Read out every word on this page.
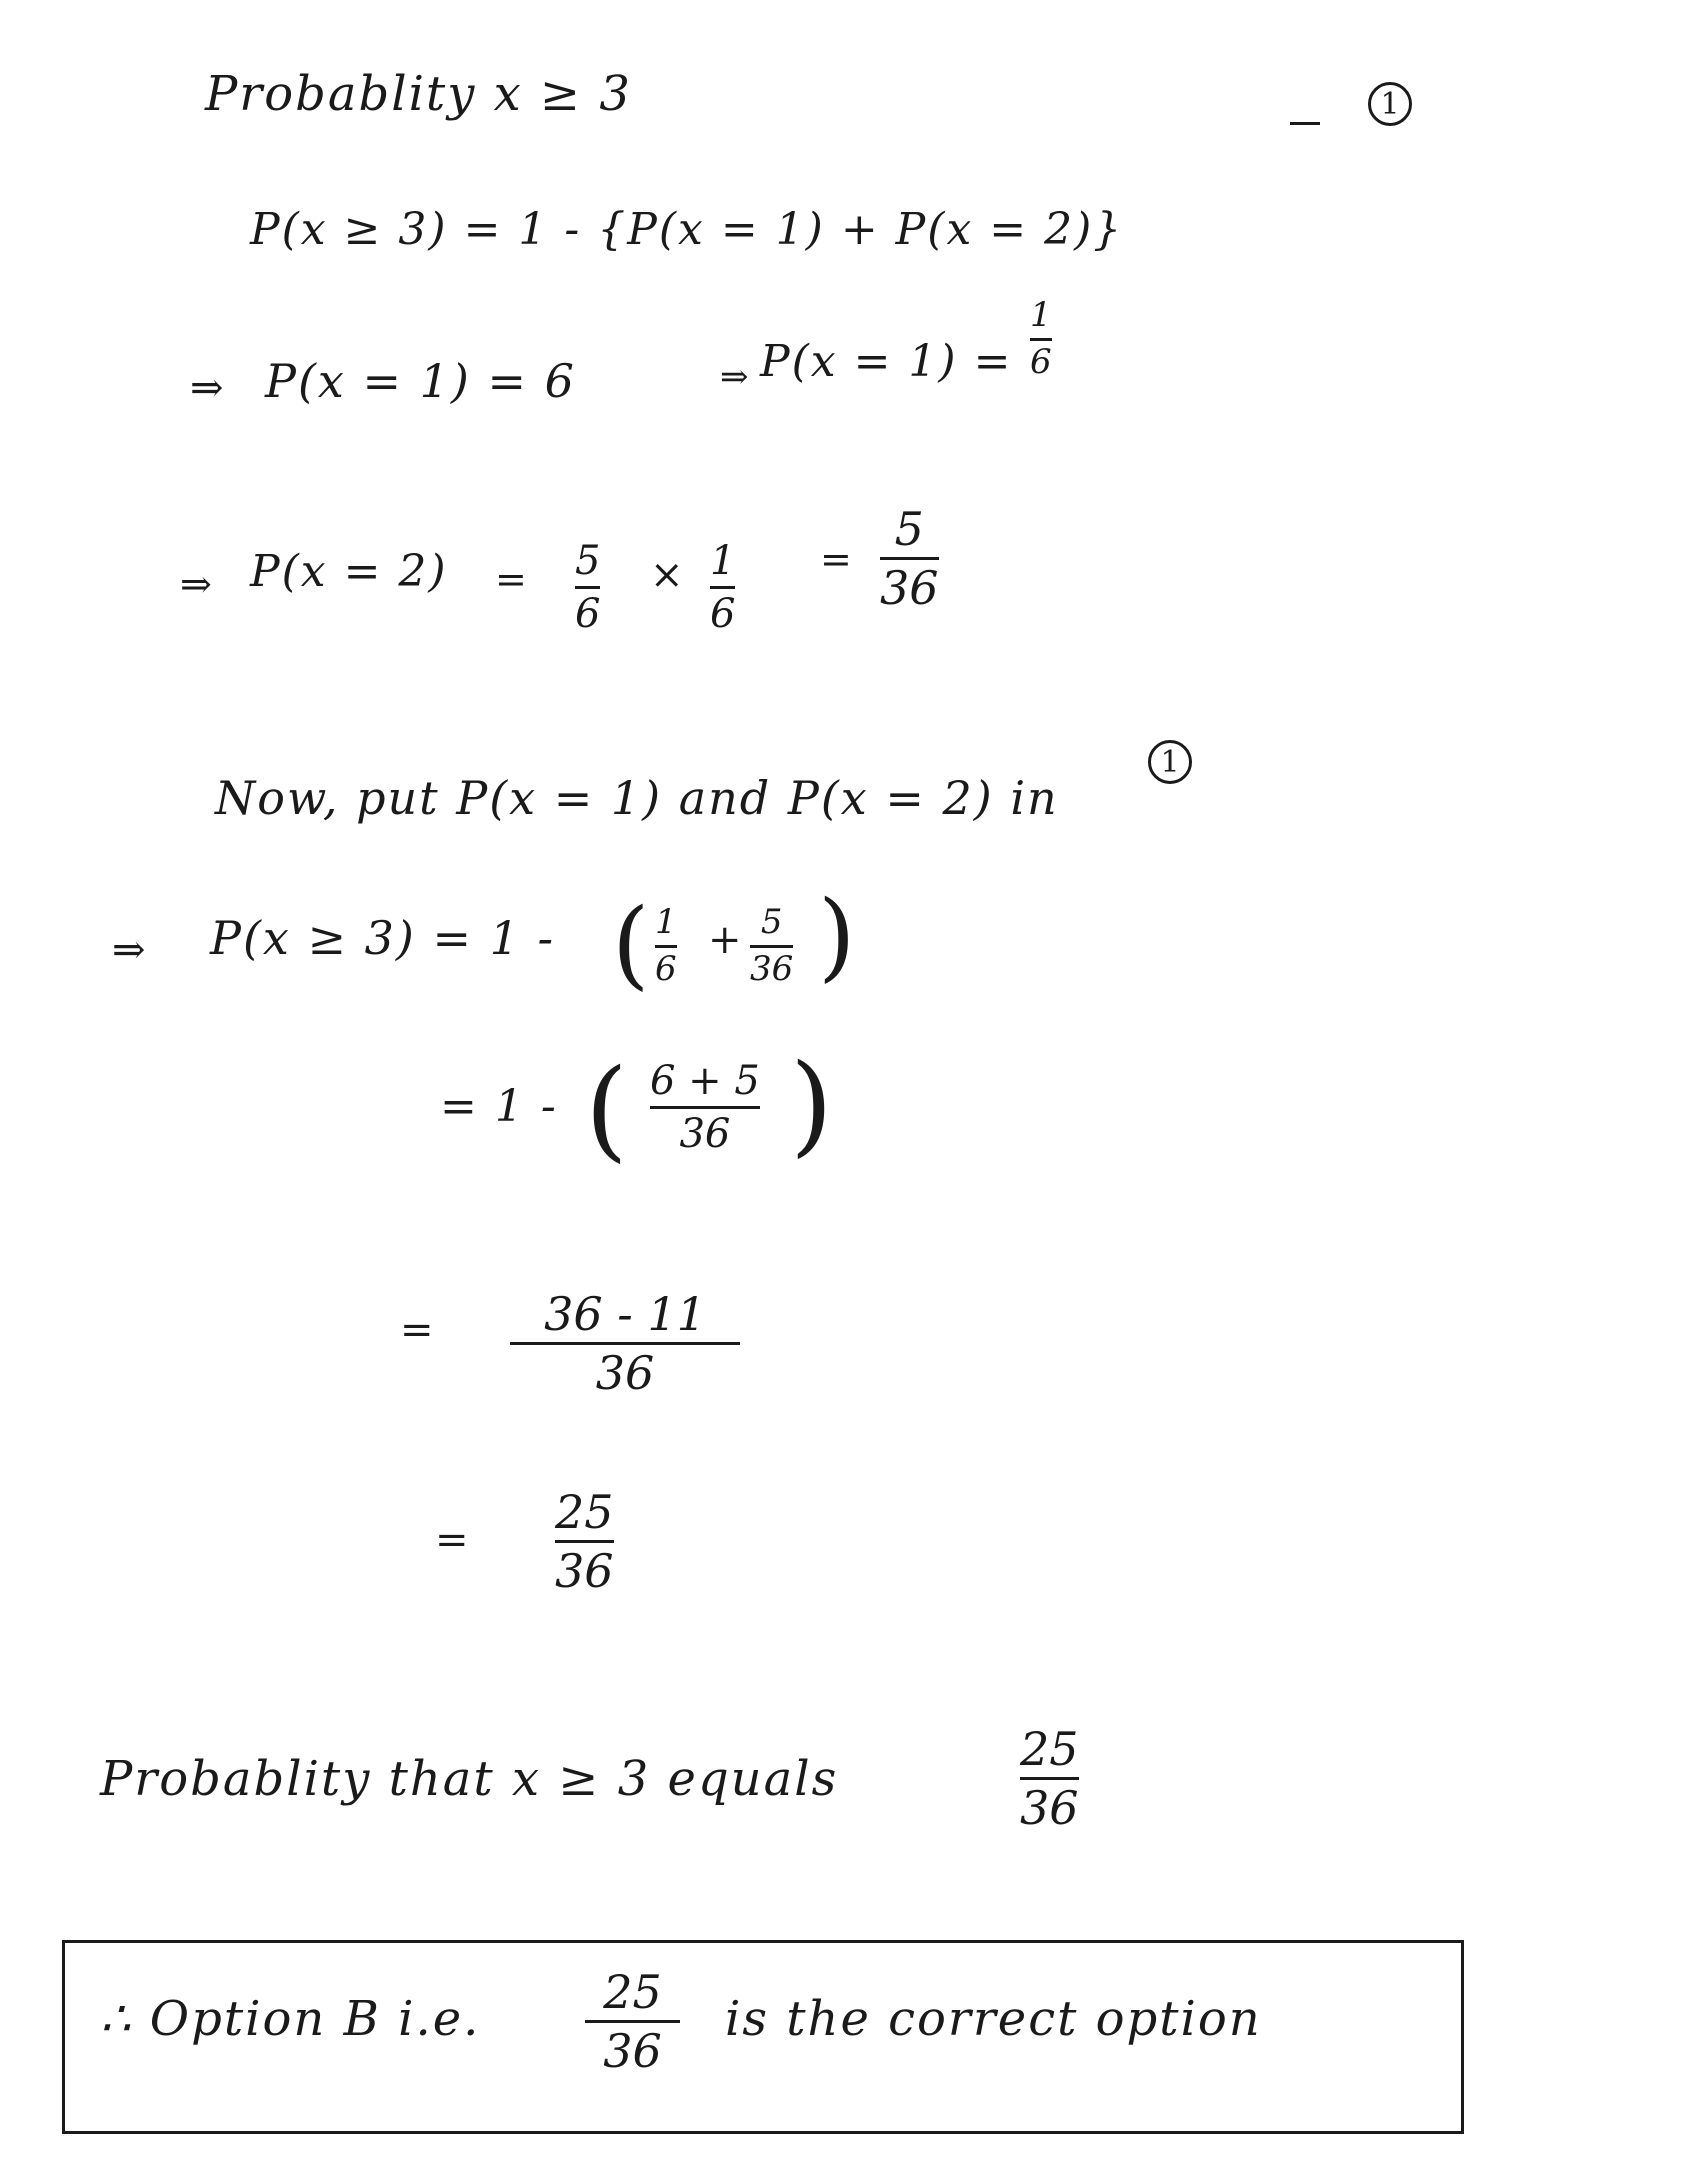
Probablity x ≥ 3	1
P(x ≥ 3) = 1 - {P(x = 1) + P(x = 2)}
⇒ P(x = 1) = 6	⇒ P(x = 1) =
1
6
⇒ P(x = 2) = 5
6
× 1
6
=
5
36
Now, put P(x = 1) and P(x = 2) in
1
⇒ P(x ≥ 3) = 1 - ( 1
6
+ 5
36 )
= 1 - ( 6 + 5
36 )
= 36 - 11
36
=
25
36
Probablity that x ≥ 3 equals
25
36
∴ Option B i.e.	25
36
is the correct option
